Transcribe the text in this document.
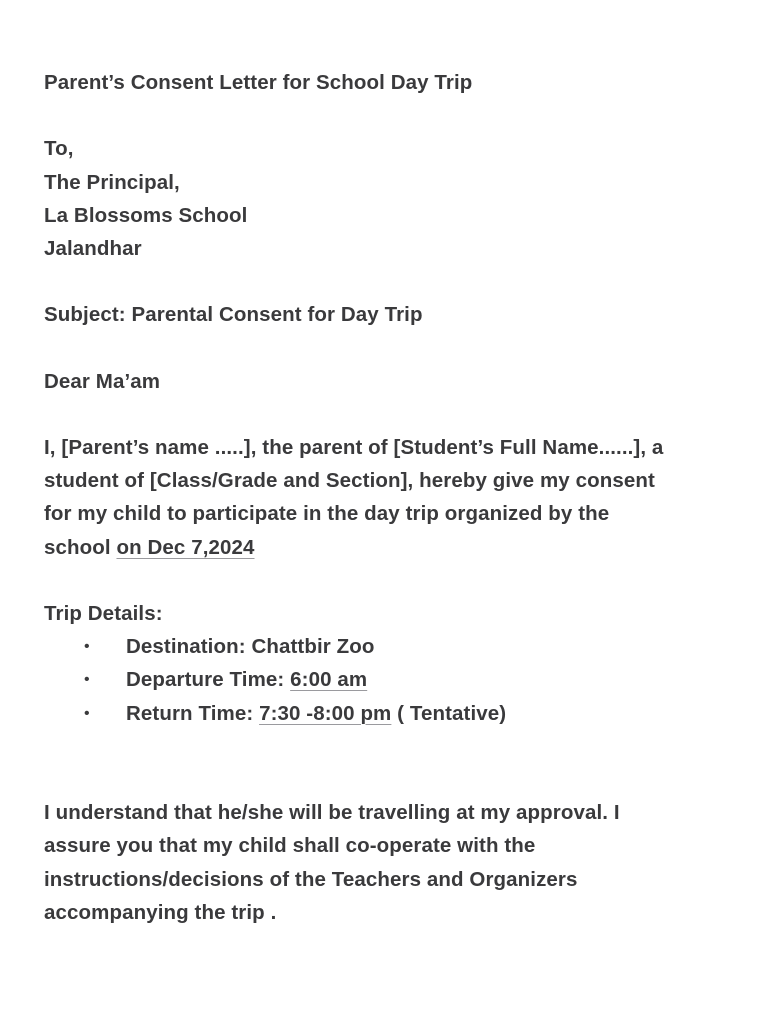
Parent’s Consent Letter for School Day Trip
To,
The Principal,
La Blossoms School
Jalandhar
Subject: Parental Consent for Day Trip
Dear Ma’am
I, [Parent’s name .....], the parent of [Student’s Full Name......], a
student of [Class/Grade and Section], hereby give my consent
for my child to participate in the day trip organized by the
school on Dec 7,2024
Trip Details:
• Destination: Chattbir Zoo
• Departure Time: 6:00 am
• Return Time: 7:30 -8:00 pm ( Tentative)
I understand that he/she will be travelling at my approval. I
assure you that my child shall co-operate with the
instructions/decisions of the Teachers and Organizers
accompanying the trip .
